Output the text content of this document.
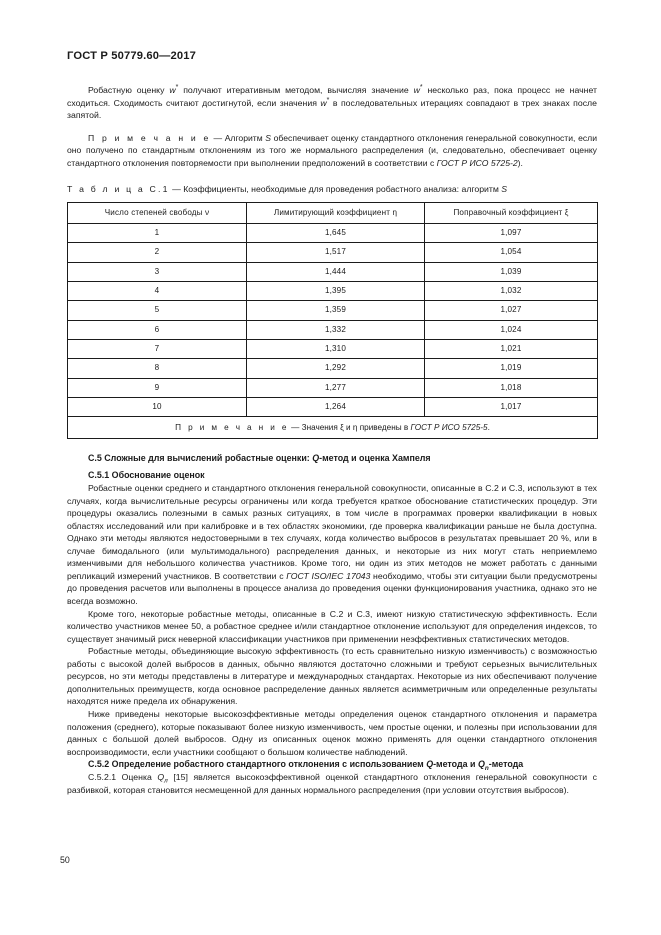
ГОСТ Р 50779.60—2017

Робастную оценку w* получают итеративным методом, вычисляя значение w* несколько раз, пока процесс не начнет сходиться. Сходимость считают достигнутой, если значения w* в последовательных итерациях совпадают в трех знаках после запятой.

П р и м е ч а н и е — Алгоритм S обеспечивает оценку стандартного отклонения генеральной совокупности, если оно получено по стандартным отклонениям из того же нормального распределения (и, следовательно, обеспечивает оценку стандартного отклонения повторяемости при выполнении предположений в соответствии с ГОСТ Р ИСО 5725-2).

Т а б л и ц а C.1 — Коэффициенты, необходимые для проведения робастного анализа: алгоритм S
Число степеней свободы ν	Лимитирующий коэффициент η	Поправочный коэффициент ξ
1	1,645	1,097
2	1,517	1,054
3	1,444	1,039
4	1,395	1,032
5	1,359	1,027
6	1,332	1,024
7	1,310	1,021
8	1,292	1,019
9	1,277	1,018
10	1,264	1,017
П р и м е ч а н и е — Значения ξ и η приведены в ГОСТ Р ИСО 5725-5.		
C.5 Сложные для вычислений робастные оценки: Q-метод и оценка Хампеля
C.5.1 Обоснование оценок

Робастные оценки среднего и стандартного отклонения генеральной совокупности, описанные в C.2 и C.3, используют в тех случаях, когда вычислительные ресурсы ограничены или когда требуется краткое обоснование статистических процедур. Эти процедуры оказались полезными в самых разных ситуациях, в том числе в программах проверки квалификации в новых областях исследований или при калибровке и в тех областях экономики, где проверка квалификации раньше не была доступна. Однако эти методы являются недостоверными в тех случаях, когда количество выбросов в результатах превышает 20 %, или в случае бимодального (или мультимодального) распределения данных, и некоторые из них могут стать неприемлемо изменчивыми для небольшого количества участников. Кроме того, ни один из этих методов не может работать с данными репликаций измерений участников. В соответствии с ГОСТ ISO/IEC 17043 необходимо, чтобы эти ситуации были предусмотрены до проведения расчетов или выполнены в процессе анализа до проведения оценки функционирования участника, однако это не всегда возможно.

Кроме того, некоторые робастные методы, описанные в C.2 и C.3, имеют низкую статистическую эффективность. Если количество участников менее 50, а робастное среднее и/или стандартное отклонение используют для определения индексов, то существует значимый риск неверной классификации участников при применении неэффективных статистических методов.

Робастные методы, объединяющие высокую эффективность (то есть сравнительно низкую изменчивость) с возможностью работы с высокой долей выбросов в данных, обычно являются достаточно сложными и требуют серьезных вычислительных ресурсов, но эти методы представлены в литературе и международных стандартах. Некоторые из них обеспечивают получение дополнительных преимуществ, когда основное распределение данных является асимметричным или определенные результаты находятся ниже предела их обнаружения.

Ниже приведены некоторые высокоэффективные методы определения оценок стандартного отклонения и параметра положения (среднего), которые показывают более низкую изменчивость, чем простые оценки, и полезны при использовании для данных с большой долей выбросов. Одну из описанных оценок можно применять для оценки стандартного отклонения воспроизводимости, если участники сообщают о большом количестве наблюдений.

C.5.2 Определение робастного стандартного отклонения с использованием Q-метода и $Q_n$-метода

C.5.2.1 Оценка $Q_л$ [15] является высокоэффективной оценкой стандартного отклонения генеральной совокупности с разбивкой, которая становится несмещенной для данных нормального распределения (при условии отсутствия выбросов).

50
